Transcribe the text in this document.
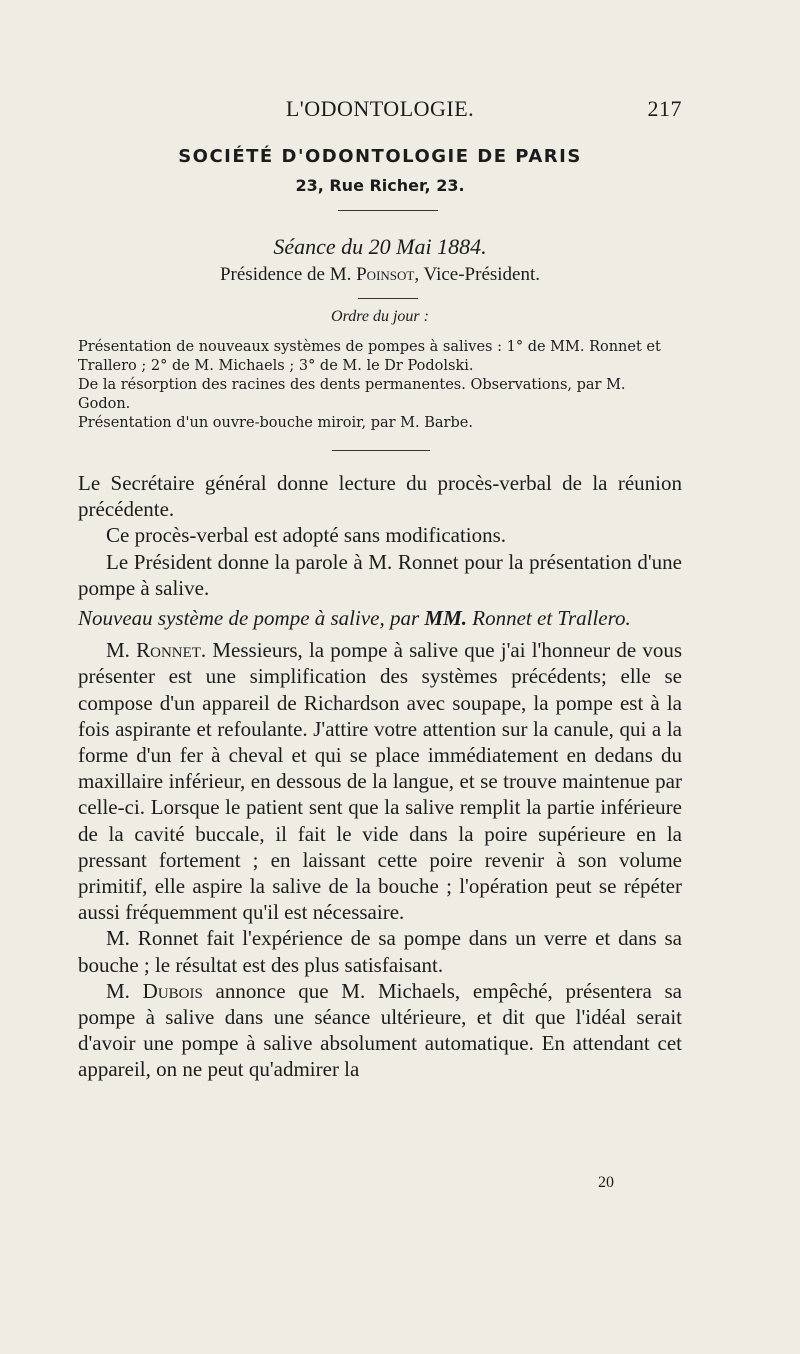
L'ODONTOLOGIE.	217
SOCIÉTÉ D'ODONTOLOGIE DE PARIS
23, Rue Richer, 23.
Séance du 20 Mai 1884.
Présidence de M. Poinsot, Vice-Président.
Ordre du jour :

Présentation de nouveaux systèmes de pompes à salives : 1° de MM. Ronnet et Trallero ; 2° de M. Michaels ; 3° de M. le Dr Podolski.

De la résorption des racines des dents permanentes. Observations, par M. Godon.

Présentation d'un ouvre-bouche miroir, par M. Barbe.

Le Secrétaire général donne lecture du procès-verbal de la réunion précédente.

Ce procès-verbal est adopté sans modifications.

Le Président donne la parole à M. Ronnet pour la présentation d'une pompe à salive.

Nouveau système de pompe à salive, par MM. Ronnet et Trallero.

M. Ronnet. Messieurs, la pompe à salive que j'ai l'honneur de vous présenter est une simplification des systèmes précédents; elle se compose d'un appareil de Richardson avec soupape, la pompe est à la fois aspirante et refoulante. J'attire votre attention sur la canule, qui a la forme d'un fer à cheval et qui se place immédiatement en dedans du maxillaire inférieur, en dessous de la langue, et se trouve maintenue par celle-ci. Lorsque le patient sent que la salive remplit la partie inférieure de la cavité buccale, il fait le vide dans la poire supérieure en la pressant fortement ; en laissant cette poire revenir à son volume primitif, elle aspire la salive de la bouche ; l'opération peut se répéter aussi fréquemment qu'il est nécessaire.

M. Ronnet fait l'expérience de sa pompe dans un verre et dans sa bouche ; le résultat est des plus satisfaisant.

M. Dubois annonce que M. Michaels, empêché, présentera sa pompe à salive dans une séance ultérieure, et dit que l'idéal serait d'avoir une pompe à salive absolument automatique. En attendant cet appareil, on ne peut qu'admirer la

20
